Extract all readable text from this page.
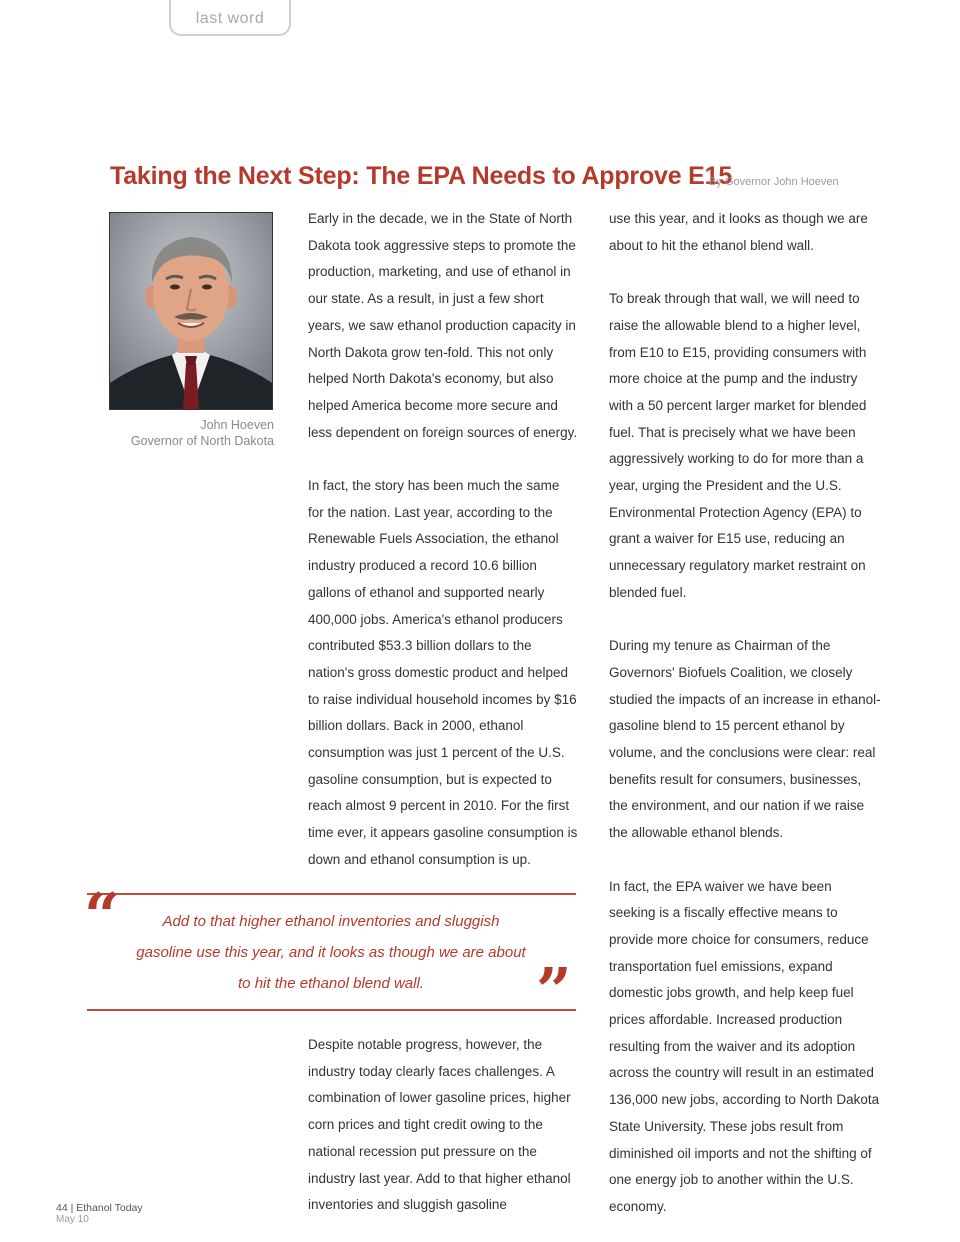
last word
Taking the Next Step: The EPA Needs to Approve E15
By Governor John Hoeven
John Hoeven
Governor of North Dakota

Early in the decade, we in the State of North Dakota took aggressive steps to promote the production, marketing, and use of ethanol in our state. As a result, in just a few short years, we saw ethanol production capacity in North Dakota grow ten-fold. This not only helped North Dakota's economy, but also helped America become more secure and less dependent on foreign sources of energy.

In fact, the story has been much the same for the nation. Last year, according to the Renewable Fuels Association, the ethanol industry produced a record 10.6 billion gallons of ethanol and supported nearly 400,000 jobs. America's ethanol producers contributed $53.3 billion dollars to the nation's gross domestic product and helped to raise individual household incomes by $16 billion dollars. Back in 2000, ethanol consumption was just 1 percent of the U.S. gasoline consumption, but is expected to reach almost 9 percent in 2010. For the first time ever, it appears gasoline consumption is down and ethanol consumption is up.

“	Add to that higher ethanol inventories and sluggish gasoline use this year, and it looks as though we are about to hit the ethanol blend wall.	”

Despite notable progress, however, the industry today clearly faces challenges. A combination of lower gasoline prices, higher corn prices and tight credit owing to the national recession put pressure on the industry last year. Add to that higher ethanol inventories and sluggish gasoline

use this year, and it looks as though we are about to hit the ethanol blend wall.

To break through that wall, we will need to raise the allowable blend to a higher level, from E10 to E15, providing consumers with more choice at the pump and the industry with a 50 percent larger market for blended fuel. That is precisely what we have been aggressively working to do for more than a year, urging the President and the U.S. Environmental Protection Agency (EPA) to grant a waiver for E15 use, reducing an unnecessary regulatory market restraint on blended fuel.

During my tenure as Chairman of the Governors' Biofuels Coalition, we closely studied the impacts of an increase in ethanol-gasoline blend to 15 percent ethanol by volume, and the conclusions were clear: real benefits result for consumers, businesses, the environment, and our nation if we raise the allowable ethanol blends.

In fact, the EPA waiver we have been seeking is a fiscally effective means to provide more choice for consumers, reduce transportation fuel emissions, expand domestic jobs growth, and help keep fuel prices affordable. Increased production resulting from the waiver and its adoption across the country will result in an estimated 136,000 new jobs, according to North Dakota State University. These jobs result from diminished oil imports and not the shifting of one energy job to another within the U.S. economy.

44 | Ethanol Today
May 10
